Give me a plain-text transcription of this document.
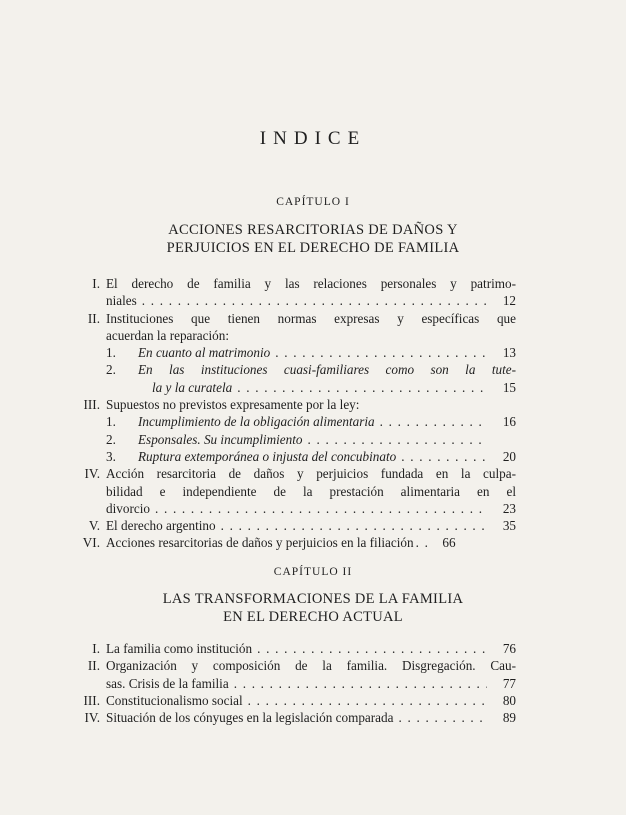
INDICE
CAPÍTULO I
ACCIONES RESARCITORIAS DE DAÑOS Y
PERJUICIOS EN EL DERECHO DE FAMILIA
I. El derecho de familia y las relaciones personales y patrimo-
niales . . .	12
II. Instituciones que tienen normas expresas y específicas que
acuerdan la reparación:
1. En cuanto al matrimonio . . .	13
2.	En las instituciones cuasi-familiares como son la tute-
la y la curatela . . .	15
III. Supuestos no previstos expresamente por la ley:
1. Incumplimiento de la obligación alimentaria . . .	16
2. Esponsales. Su incumplimiento
. . .
3. Ruptura extemporánea o injusta del concubinato . . .	20
IV. Acción resarcitoria de daños y perjuicios fundada en la culpa-
bilidad e independiente de la prestación alimentaria en el
divorcio . . .	23
V. El derecho argentino . . .	35
VI. Acciones resarcitorias de daños y perjuicios en la filiación . . .	66
CAPÍTULO II
LAS TRANSFORMACIONES DE LA FAMILIA
EN EL DERECHO ACTUAL
I. La familia como institución . . .	76
II. Organización y composición de la familia. Disgregación. Cau-
sas. Crisis de la familia . . .	77
III. Constitucionalismo social . . .	80
IV. Situación de los cónyuges en la legislación comparada . . .	89
